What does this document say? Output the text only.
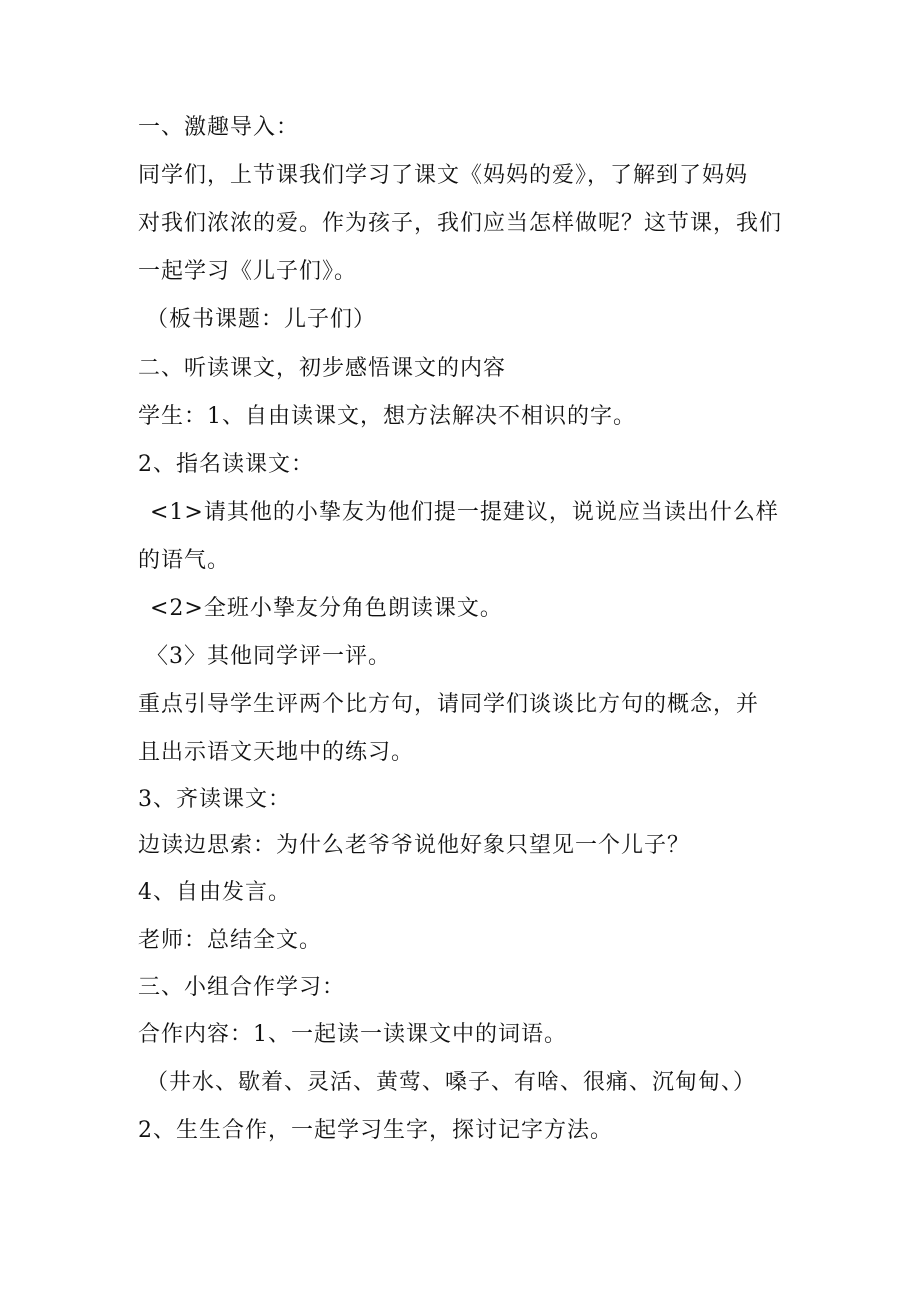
一、激趣导入：
同学们，上节课我们学习了课文《妈妈的爱》，了解到了妈妈
对我们浓浓的爱。作为孩子，我们应当怎样做呢？这节课，我们
一起学习《儿子们》。
（板书课题：儿子们）
二、听读课文，初步感悟课文的内容
学生：1、自由读课文，想方法解决不相识的字。
2、指名读课文：
<1>请其他的小挚友为他们提一提建议，说说应当读出什么样
的语气。
<2>全班小挚友分角色朗读课文。
〈3〉其他同学评一评。
重点引导学生评两个比方句，请同学们谈谈比方句的概念，并
且出示语文天地中的练习。
3、齐读课文：
边读边思索：为什么老爷爷说他好象只望见一个儿子？
4、自由发言。
老师：总结全文。
三、小组合作学习：
合作内容：1、一起读一读课文中的词语。
（井水、歇着、灵活、黄莺、嗓子、有啥、很痛、沉甸甸、）
2、生生合作，一起学习生字，探讨记字方法。
